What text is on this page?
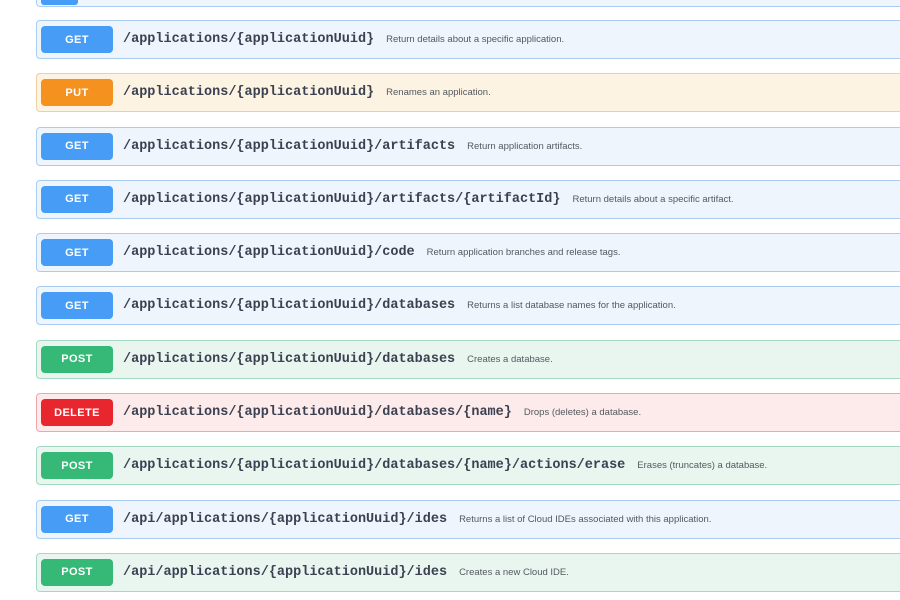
GET	/applications/{applicationUuid} Return details about a specific application.
PUT	/applications/{applicationUuid} Renames an application.
GET	/applications/{applicationUuid}/artifacts Return application artifacts.
GET	/applications/{applicationUuid}/artifacts/{artifactId} Return details about a specific artifact.
GET	/applications/{applicationUuid}/code Return application branches and release tags.
GET	/applications/{applicationUuid}/databases Returns a list database names for the application.
POST	/applications/{applicationUuid}/databases Creates a database.
DELETE	/applications/{applicationUuid}/databases/{name} Drops (deletes) a database.
POST	/applications/{applicationUuid}/databases/{name}/actions/erase Erases (truncates) a database.
GET	/api/applications/{applicationUuid}/ides Returns a list of Cloud IDEs associated with this application.
POST	/api/applications/{applicationUuid}/ides Creates a new Cloud IDE.
